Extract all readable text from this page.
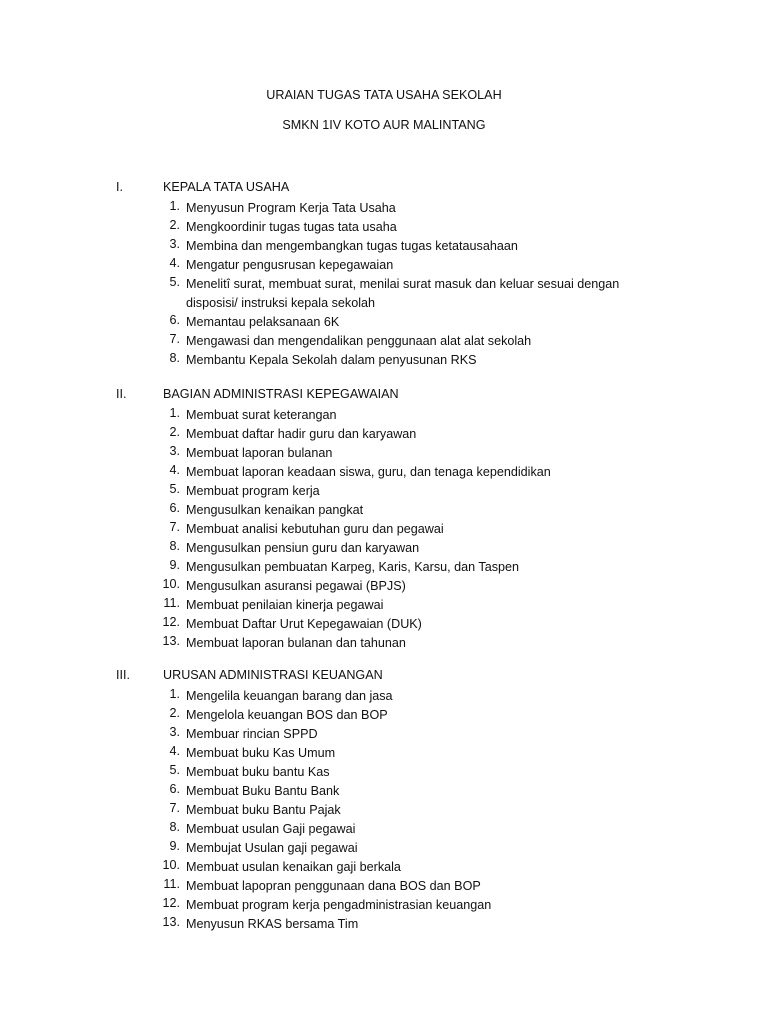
URAIAN TUGAS TATA USAHA SEKOLAH
SMKN 1IV KOTO AUR MALINTANG
I.	KEPALA TATA USAHA
1. Menyusun Program Kerja Tata Usaha
2. Mengkoordinir tugas tugas tata usaha
3. Membina dan mengembangkan tugas tugas ketatausahaan
4. Mengatur pengusrusan kepegawaian
5. Menelitî surat, membuat surat, menilai surat masuk dan keluar sesuai dengan disposisi/ instruksi kepala sekolah
6. Memantau pelaksanaan 6K
7. Mengawasi dan mengendalikan penggunaan alat alat sekolah
8. Membantu Kepala Sekolah dalam penyusunan RKS
II.	BAGIAN ADMINISTRASI KEPEGAWAIAN
1. Membuat surat keterangan
2. Membuat daftar hadir guru dan karyawan
3. Membuat laporan bulanan
4. Membuat laporan keadaan siswa, guru, dan tenaga kependidikan
5. Membuat program kerja
6. Mengusulkan kenaikan pangkat
7. Membuat analisi kebutuhan guru dan pegawai
8. Mengusulkan pensiun guru dan karyawan
9. Mengusulkan pembuatan Karpeg, Karis, Karsu, dan Taspen
10. Mengusulkan asuransi pegawai (BPJS)
11. Membuat penilaian kinerja pegawai
12. Membuat Daftar Urut Kepegawaian (DUK)
13. Membuat laporan bulanan dan tahunan
III.	URUSAN ADMINISTRASI KEUANGAN
1. Mengelila keuangan barang dan jasa
2. Mengelola keuangan BOS dan BOP
3. Membuar rincian SPPD
4. Membuat buku Kas Umum
5. Membuat buku bantu Kas
6. Membuat Buku Bantu Bank
7. Membuat buku Bantu Pajak
8. Membuat usulan Gaji pegawai
9. Membujat Usulan gaji pegawai
10. Membuat usulan kenaikan gaji berkala
11. Membuat lapopran penggunaan dana BOS dan BOP
12. Membuat program kerja pengadministrasian keuangan
13. Menyusun RKAS bersama Tim
